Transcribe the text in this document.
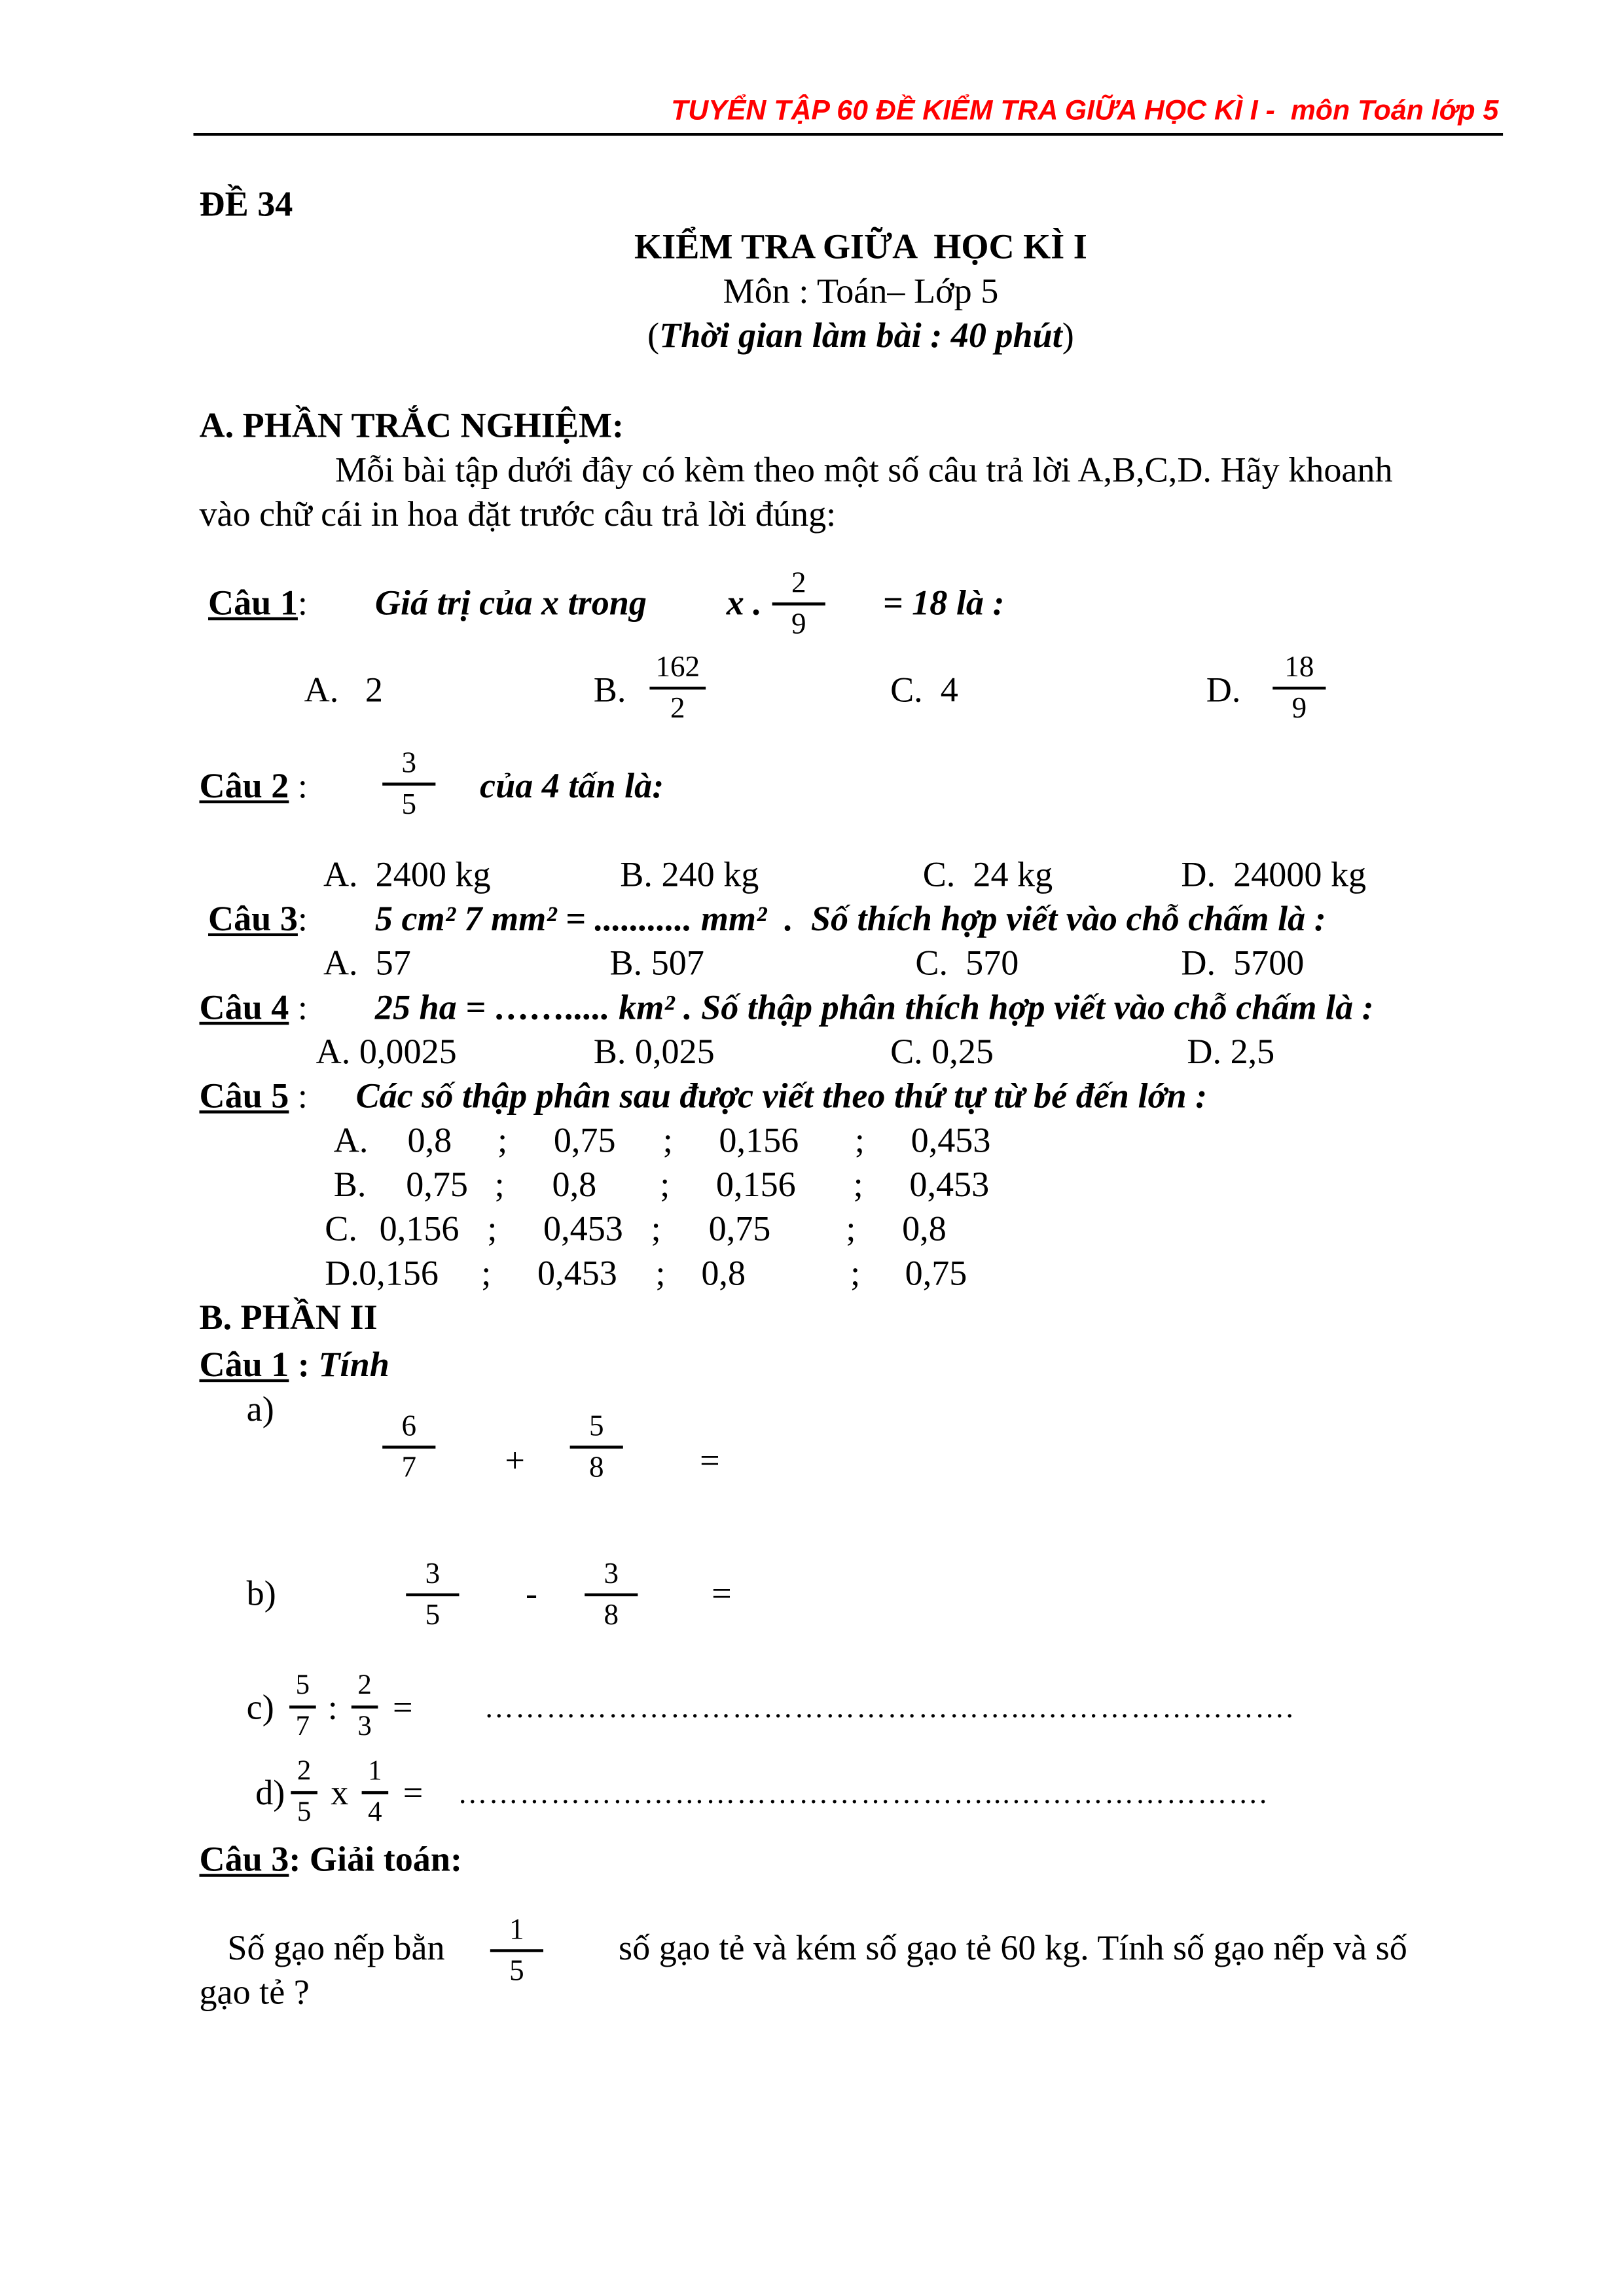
TUYỂN TẬP 60 ĐỀ KIỂM TRA GIỮA HỌC KÌ I -  môn Toán lớp 5
ĐỀ 34
KIỂM TRA GIỮA  HỌC KÌ I
Môn : Toán– Lớp 5
(Thời gian làm bài : 40 phút)
A. PHẦN TRẮC NGHIỆM:
Mỗi bài tập dưới đây có kèm theo một số câu trả lời A,B,C,D. Hãy khoanh
vào chữ cái in hoa đặt trước câu trả lời đúng:
Câu 1:	Giá trị của x trong	x .
2
9
= 18 là :
A.   2	B.
162
2	C.  4	D.
18
9
Câu 2 :
3
5	của 4 tấn là:
A.  2400 kg	B. 240 kg	C.  24 kg	D.  24000 kg
Câu 3:	5 cm² 7 mm² = ........... mm²  .  Số thích hợp viết vào chỗ chấm là :
A.  57	B. 507	C.  570	D.  5700
Câu 4 :	25 ha = ……..... km² . Số thập phân thích hợp viết vào chỗ chấm là :
A. 0,0025	B. 0,025	C. 0,25	D. 2,5
Câu 5 :	Các số thập phân sau được viết theo thứ tự từ bé đến lớn :
A.	0,8	0,75	0,156	0,453
;	;	;
B.	0,75	0,8	0,156	0,453
;	;	;
C. 0,156	0,453	0,75	0,8
;	;	;
D. 0,156	0,453	0,8	0,75
;	;	;
B. PHẦN II
Câu 1 : Tính
a)	6
7	+
5
8	=
b)
3
5
-
3
8
=
c)
5
7	:
2
3	=	……………………………………………...…………………….
d)
2
5	x
1
4	=	……………………………………………...…………………….
Câu 3: Giải toán:
Số gạo nếp bằn
1
5
số gạo tẻ và kém số gạo tẻ 60 kg. Tính số gạo nếp và số
gạo tẻ ?
